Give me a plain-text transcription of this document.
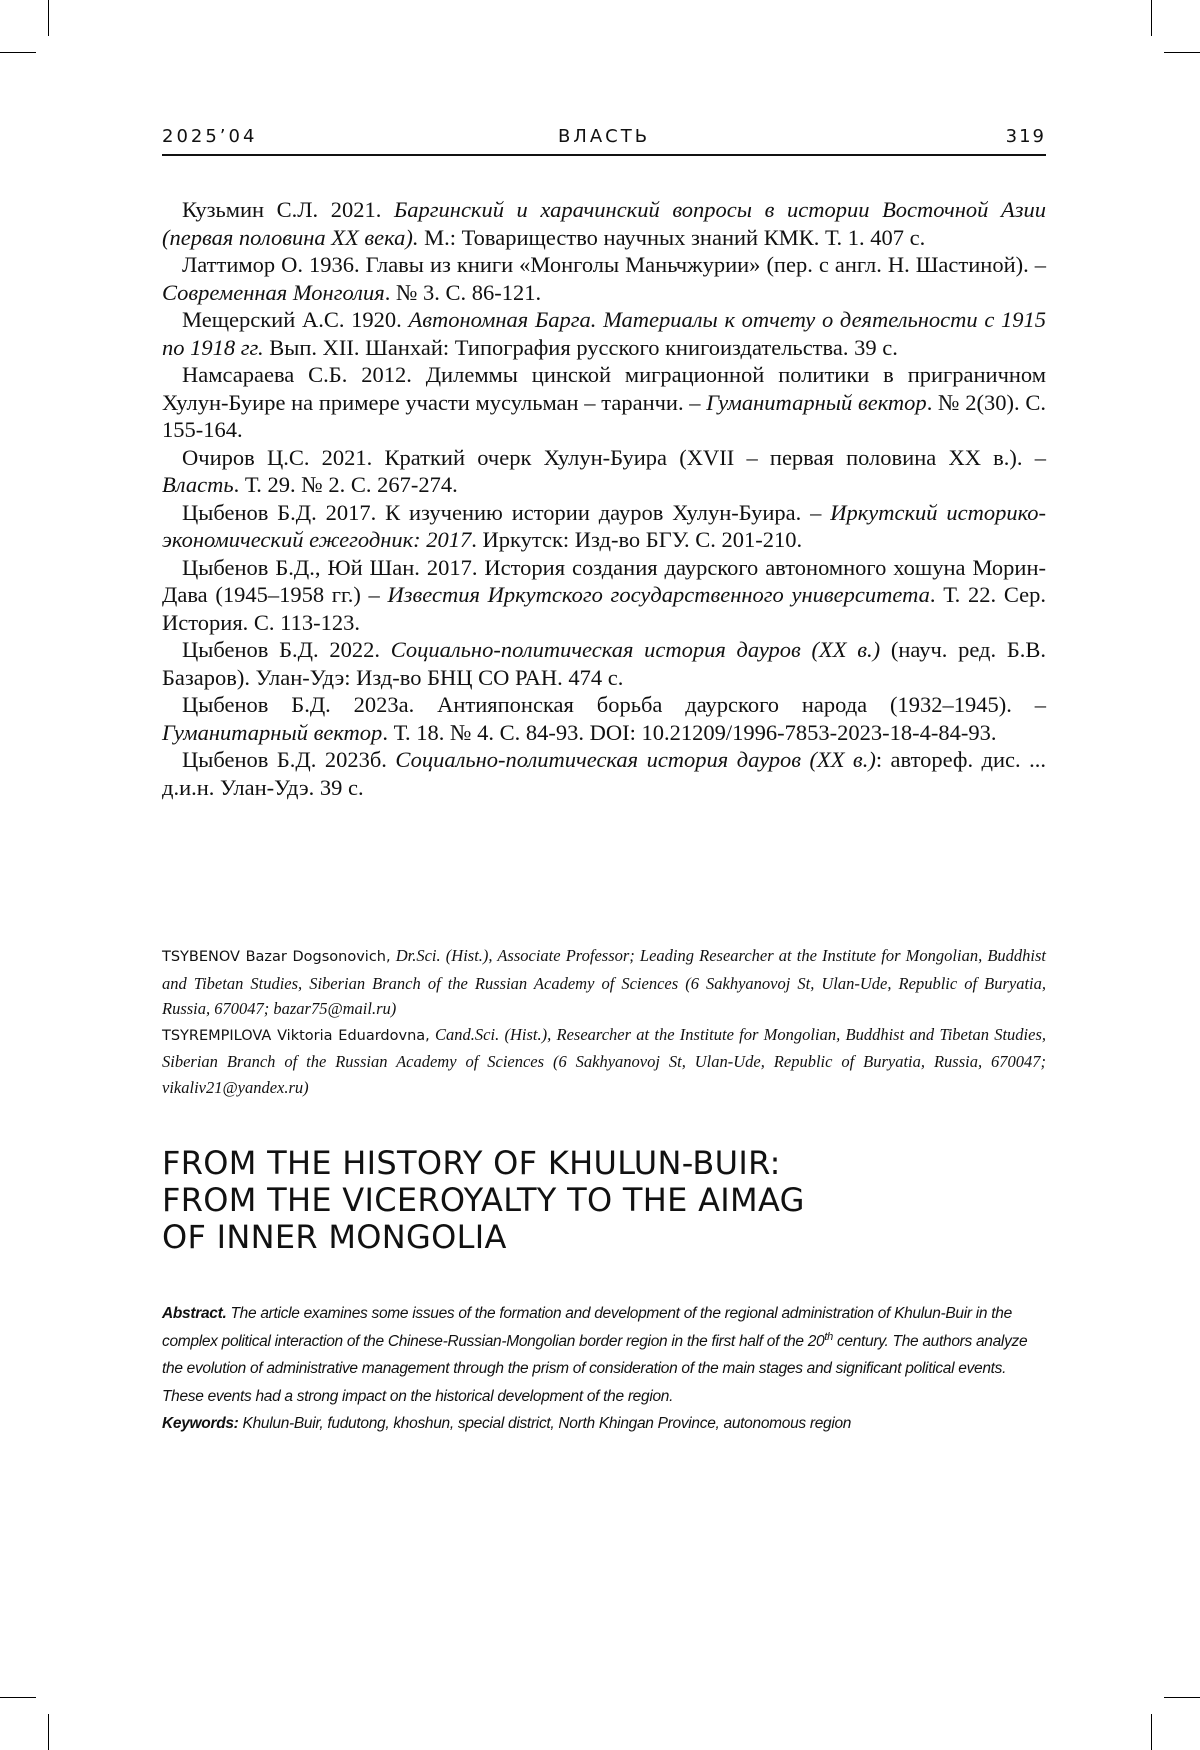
ВЛАСТЬ
2025’04	319

Кузьмин С.Л. 2021. Баргинский и харачинский вопросы в истории Восточной Азии (первая половина XX века). М.: Товарищество научных знаний КМК. Т. 1. 407 с.

Латтимор О. 1936. Главы из книги «Монголы Маньчжурии» (пер. с англ. Н. Шастиной). – Современная Монголия. № 3. С. 86-121.

Мещерский А.С. 1920. Автономная Барга. Материалы к отчету о деятельности с 1915 по 1918 гг. Вып. XII. Шанхай: Типография русского книгоиздательства. 39 с.

Намсараева С.Б. 2012. Дилеммы цинской миграционной политики в приграничном Хулун-Буире на примере участи мусульман – таранчи. – Гуманитарный вектор. № 2(30). С. 155-164.

Очиров Ц.С. 2021. Краткий очерк Хулун-Буира (XVII – первая половина XX в.). – Власть. Т. 29. № 2. С. 267-274.

Цыбенов Б.Д. 2017. К изучению истории дауров Хулун-Буира. – Иркутский историко-экономический ежегодник: 2017. Иркутск: Изд-во БГУ. С. 201-210.

Цыбенов Б.Д., Юй Шан. 2017. История создания даурского автономного хошуна Морин-Дава (1945–1958 гг.) – Известия Иркутского государственного университета. Т. 22. Сер. История. С. 113-123.

Цыбенов Б.Д. 2022. Социально-политическая история дауров (XX в.) (науч. ред. Б.В. Базаров). Улан-Удэ: Изд-во БНЦ СО РАН. 474 с.

Цыбенов Б.Д. 2023а. Антияпонская борьба даурского народа (1932–1945). – Гуманитарный вектор. Т. 18. № 4. С. 84-93. DOI: 10.21209/1996-7853-2023-18-4-84-93.

Цыбенов Б.Д. 2023б. Социально-политическая история дауров (XX в.): автореф. дис. ... д.и.н. Улан-Удэ. 39 с.

TSYBENOV Bazar Dogsonovich, Dr.Sci. (Hist.), Associate Professor; Leading Researcher at the Institute for Mongolian, Buddhist and Tibetan Studies, Siberian Branch of the Russian Academy of Sciences (6 Sakhyanovoj St, Ulan-Ude, Republic of Buryatia, Russia, 670047; bazar75@mail.ru)

TSYREMPILOVA Viktoria Eduardovna, Cand.Sci. (Hist.), Researcher at the Institute for Mongolian, Buddhist and Tibetan Studies, Siberian Branch of the Russian Academy of Sciences (6 Sakhyanovoj St, Ulan-Ude, Republic of Buryatia, Russia, 670047; vikaliv21@yandex.ru)

FROM THE HISTORY OF KHULUN-BUIR:
FROM THE VICEROYALTY TO THE AIMAG
OF INNER MONGOLIA

Abstract. The article examines some issues of the formation and development of the regional administration of Khulun-Buir in the complex political interaction of the Chinese-Russian-Mongolian border region in the first half of the 20th century. The authors analyze the evolution of administrative management through the prism of consideration of the main stages and significant political events. These events had a strong impact on the historical development of the region.

Keywords: Khulun-Buir, fudutong, khoshun, special district, North Khingan Province, autonomous region
